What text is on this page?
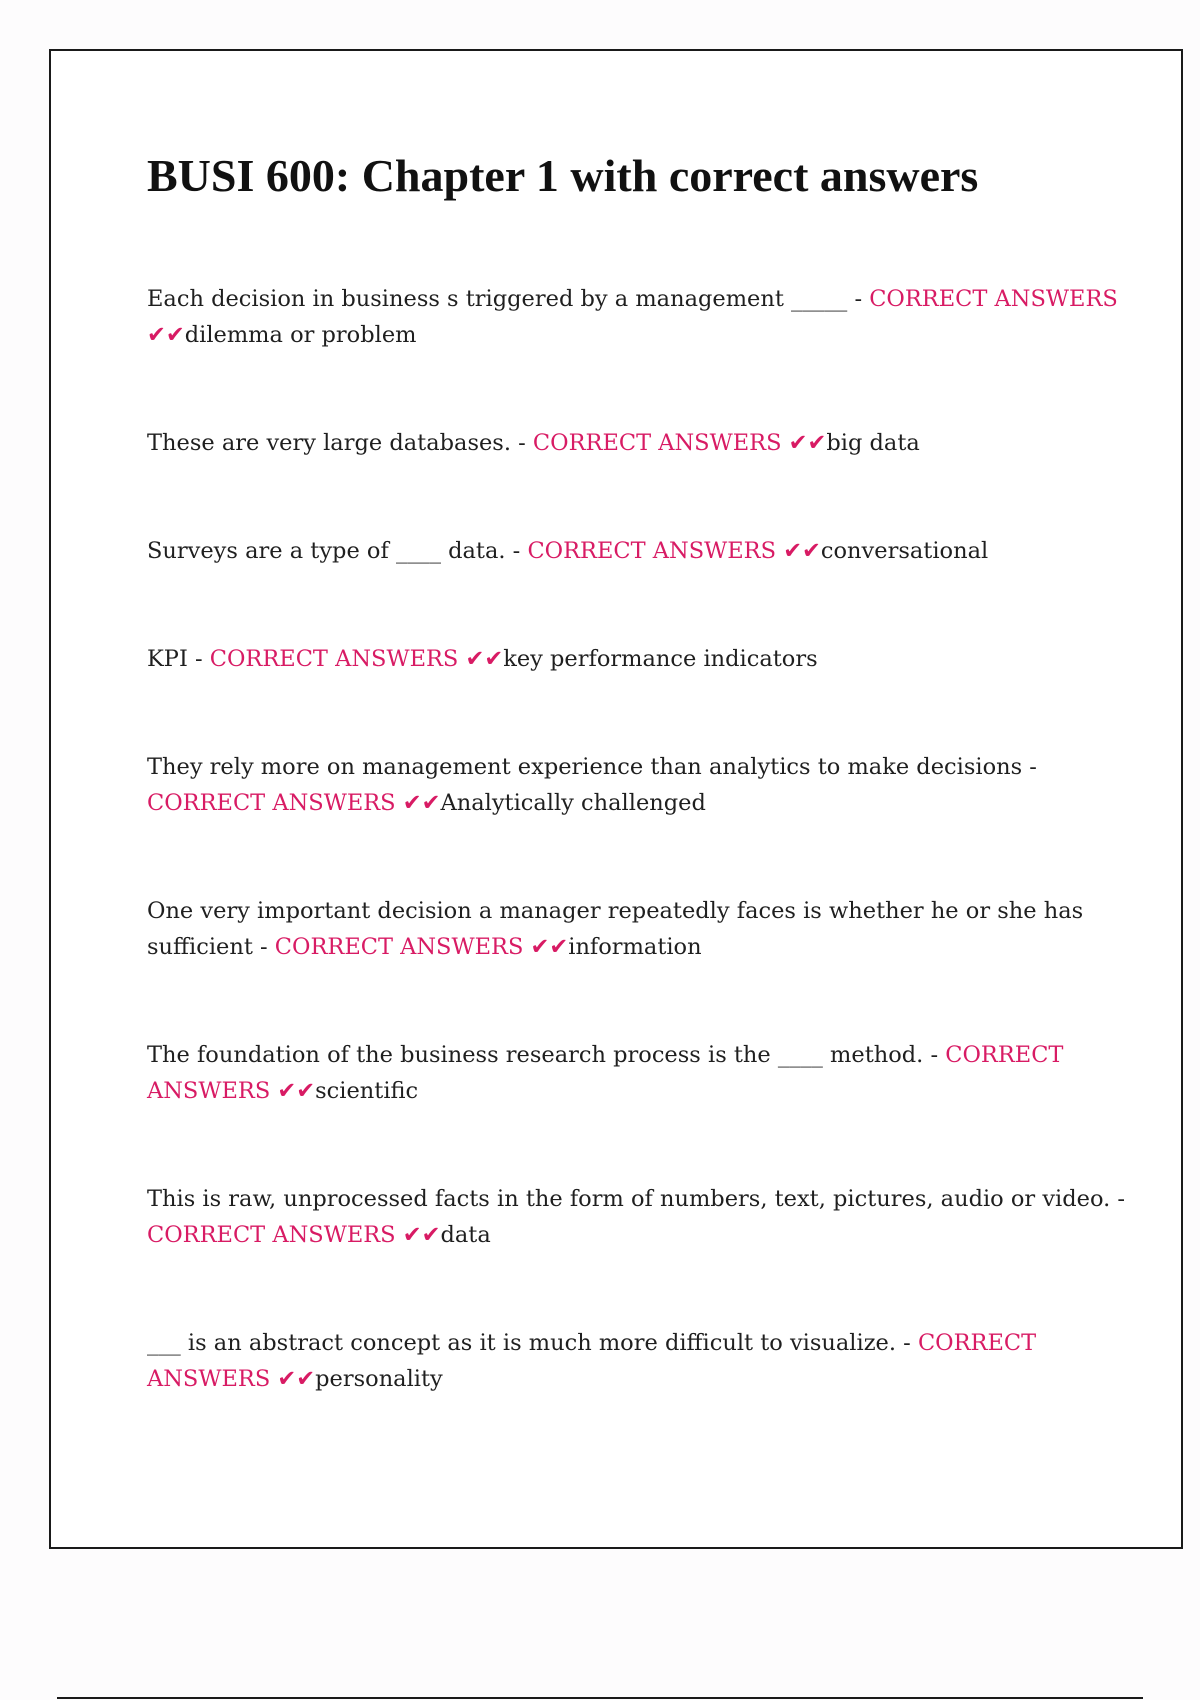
BUSI 600: Chapter 1 with correct answers

Each decision in business s triggered by a management _____ - CORRECT ANSWERS ✔✔dilemma or problem

These are very large databases. - CORRECT ANSWERS ✔✔big data

Surveys are a type of ____ data. - CORRECT ANSWERS ✔✔conversational

KPI - CORRECT ANSWERS ✔✔key performance indicators

They rely more on management experience than analytics to make decisions - CORRECT ANSWERS ✔✔Analytically challenged

One very important decision a manager repeatedly faces is whether he or she has sufficient - CORRECT ANSWERS ✔✔information

The foundation of the business research process is the ____ method. - CORRECT ANSWERS ✔✔scientific

This is raw, unprocessed facts in the form of numbers, text, pictures, audio or video. - CORRECT ANSWERS ✔✔data

___ is an abstract concept as it is much more difficult to visualize. - CORRECT ANSWERS ✔✔personality
